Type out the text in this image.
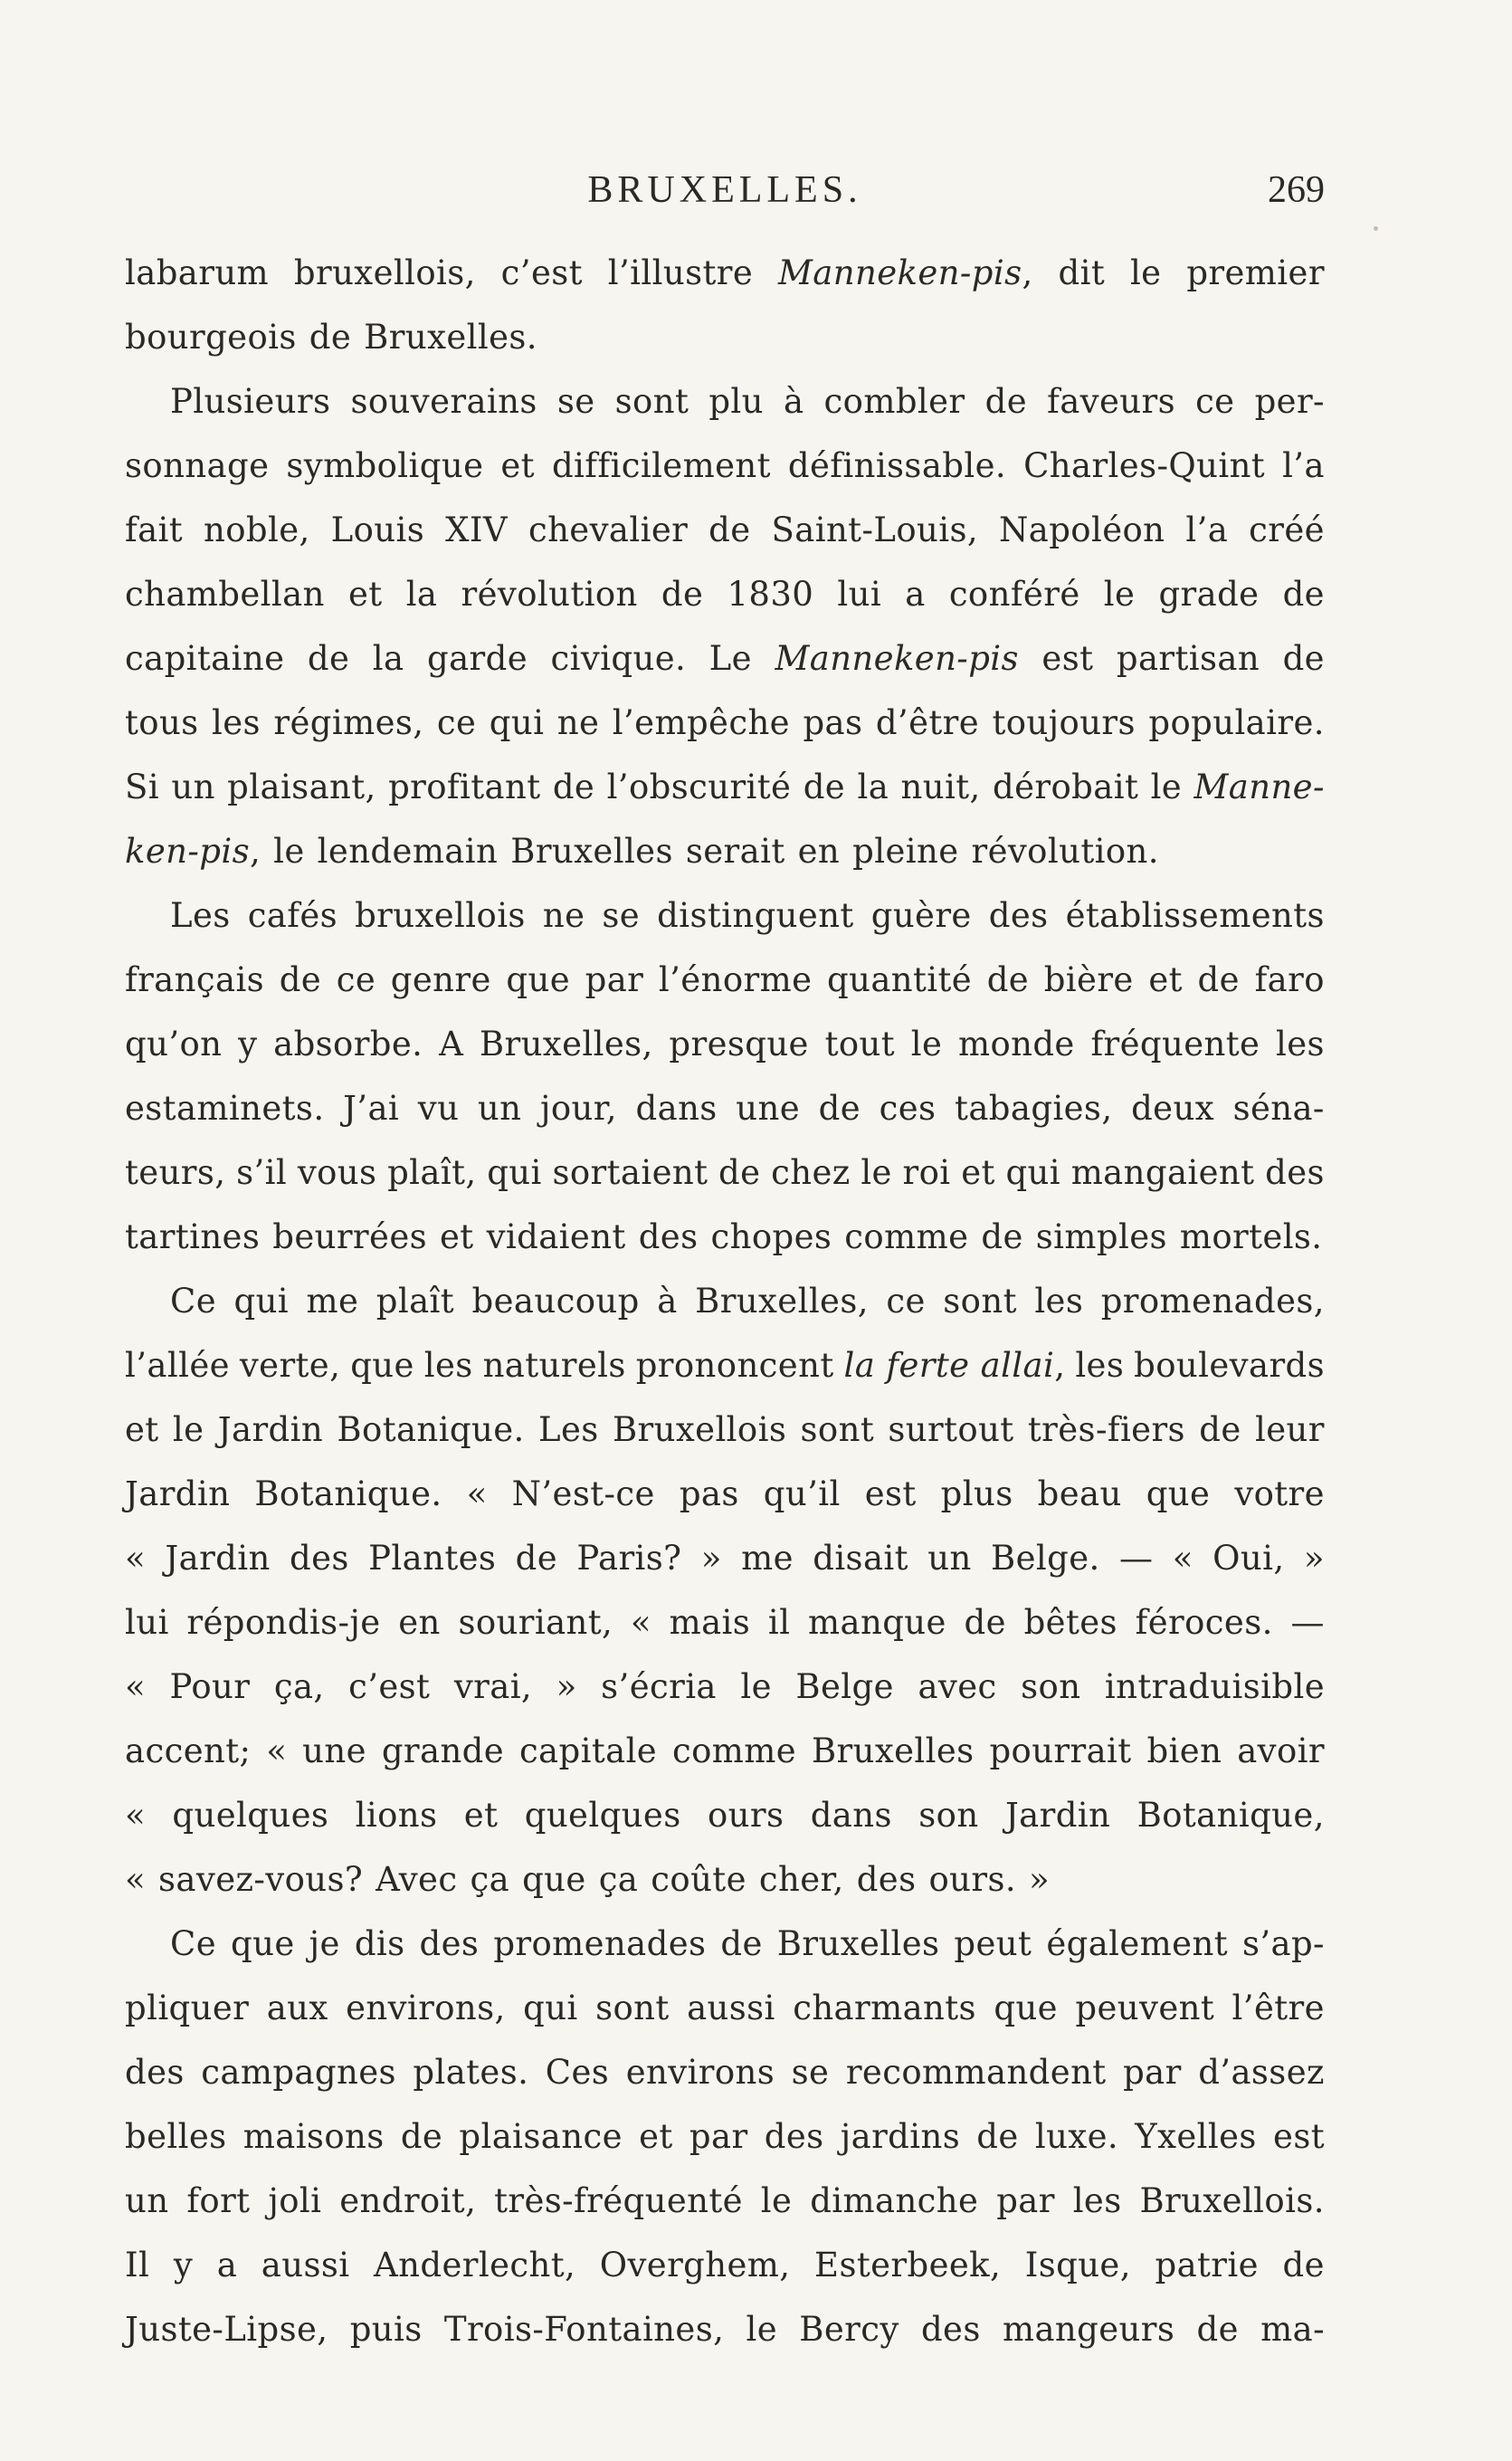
BRUXELLES.	269
labarum bruxellois, c’est l’illustre Manneken-pis, dit le premier
bourgeois de Bruxelles.
Plusieurs souverains se sont plu à combler de faveurs ce per-
sonnage symbolique et difficilement définissable. Charles-Quint l’a
fait noble, Louis XIV chevalier de Saint-Louis, Napoléon l’a créé
chambellan et la révolution de 1830 lui a conféré le grade de
capitaine de la garde civique. Le Manneken-pis est partisan de
tous les régimes, ce qui ne l’empêche pas d’être toujours populaire.
Si un plaisant, profitant de l’obscurité de la nuit, dérobait le Manne-
ken-pis, le lendemain Bruxelles serait en pleine révolution.
Les cafés bruxellois ne se distinguent guère des établissements
français de ce genre que par l’énorme quantité de bière et de faro
qu’on y absorbe. A Bruxelles, presque tout le monde fréquente les
estaminets. J’ai vu un jour, dans une de ces tabagies, deux séna-
teurs, s’il vous plaît, qui sortaient de chez le roi et qui mangaient des
tartines beurrées et vidaient des chopes comme de simples mortels.
Ce qui me plaît beaucoup à Bruxelles, ce sont les promenades,
l’allée verte, que les naturels prononcent la ferte allai, les boulevards
et le Jardin Botanique. Les Bruxellois sont surtout très-fiers de leur
Jardin Botanique. « N’est-ce pas qu’il est plus beau que votre
« Jardin des Plantes de Paris? » me disait un Belge. — « Oui, »
lui répondis-je en souriant, « mais il manque de bêtes féroces. —
« Pour ça, c’est vrai, » s’écria le Belge avec son intraduisible
accent; « une grande capitale comme Bruxelles pourrait bien avoir
« quelques lions et quelques ours dans son Jardin Botanique,
« savez-vous? Avec ça que ça coûte cher, des ours. »
Ce que je dis des promenades de Bruxelles peut également s’ap-
pliquer aux environs, qui sont aussi charmants que peuvent l’être
des campagnes plates. Ces environs se recommandent par d’assez
belles maisons de plaisance et par des jardins de luxe. Yxelles est
un fort joli endroit, très-fréquenté le dimanche par les Bruxellois.
Il y a aussi Anderlecht, Overghem, Esterbeek, Isque, patrie de
Juste-Lipse, puis Trois-Fontaines, le Bercy des mangeurs de ma-
